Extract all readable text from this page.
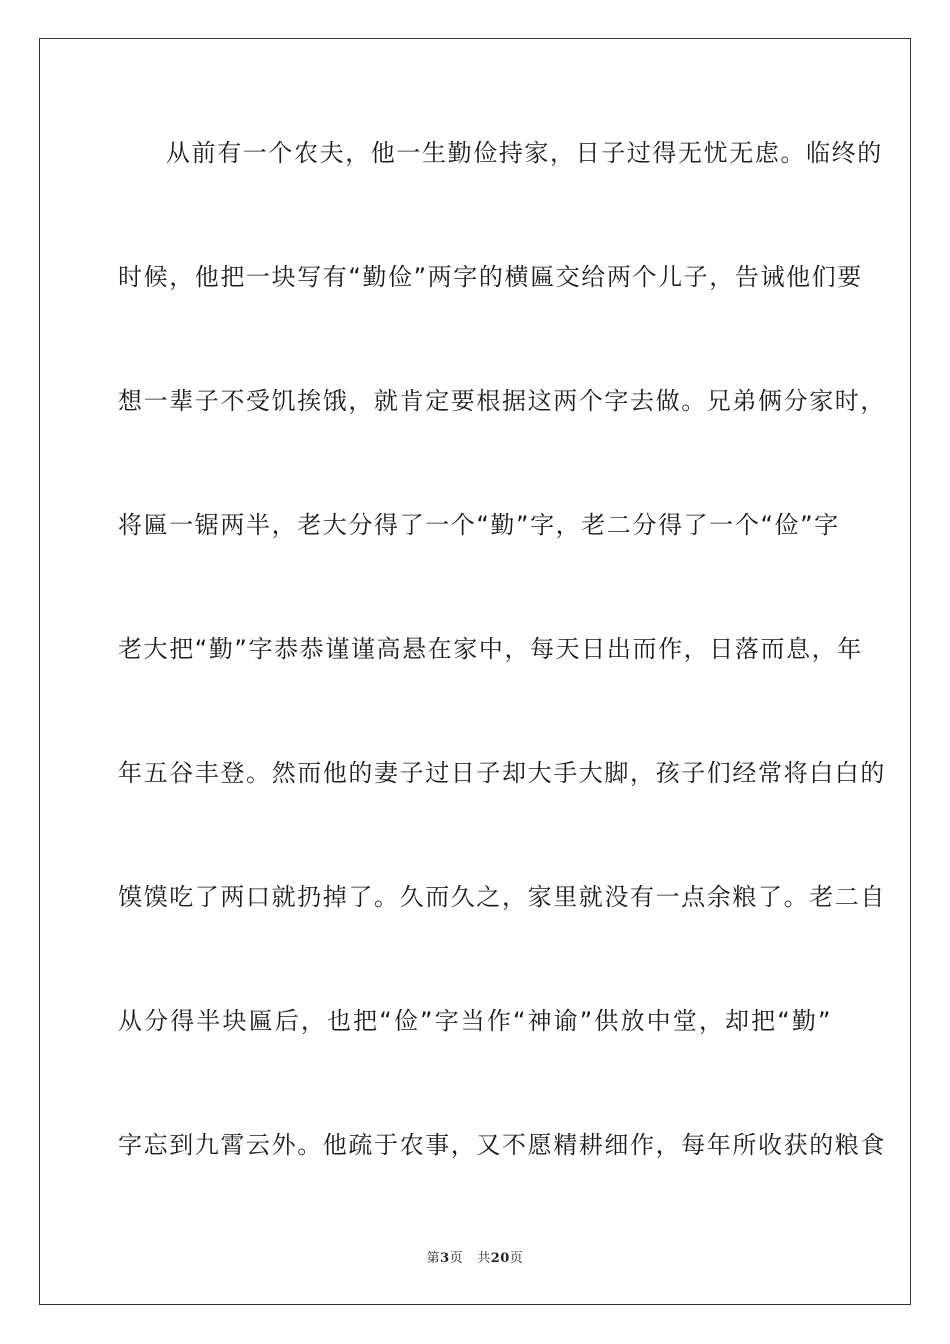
从前有一个农夫，他一生勤俭持家，日子过得无忧无虑。临终的
时候，他把一块写有“勤俭”两字的横匾交给两个儿子，告诫他们要
想一辈子不受饥挨饿，就肯定要根据这两个字去做。兄弟俩分家时，
将匾一锯两半，老大分得了一个“勤”字，老二分得了一个“俭”字
老大把“勤”字恭恭谨谨高悬在家中，每天日出而作，日落而息，年
年五谷丰登。然而他的妻子过日子却大手大脚，孩子们经常将白白的
馍馍吃了两口就扔掉了。久而久之，家里就没有一点余粮了。老二自
从分得半块匾后，也把“俭”字当作“神谕”供放中堂，却把“勤”
字忘到九霄云外。他疏于农事，又不愿精耕细作，每年所收获的粮食
第3页 共20页
